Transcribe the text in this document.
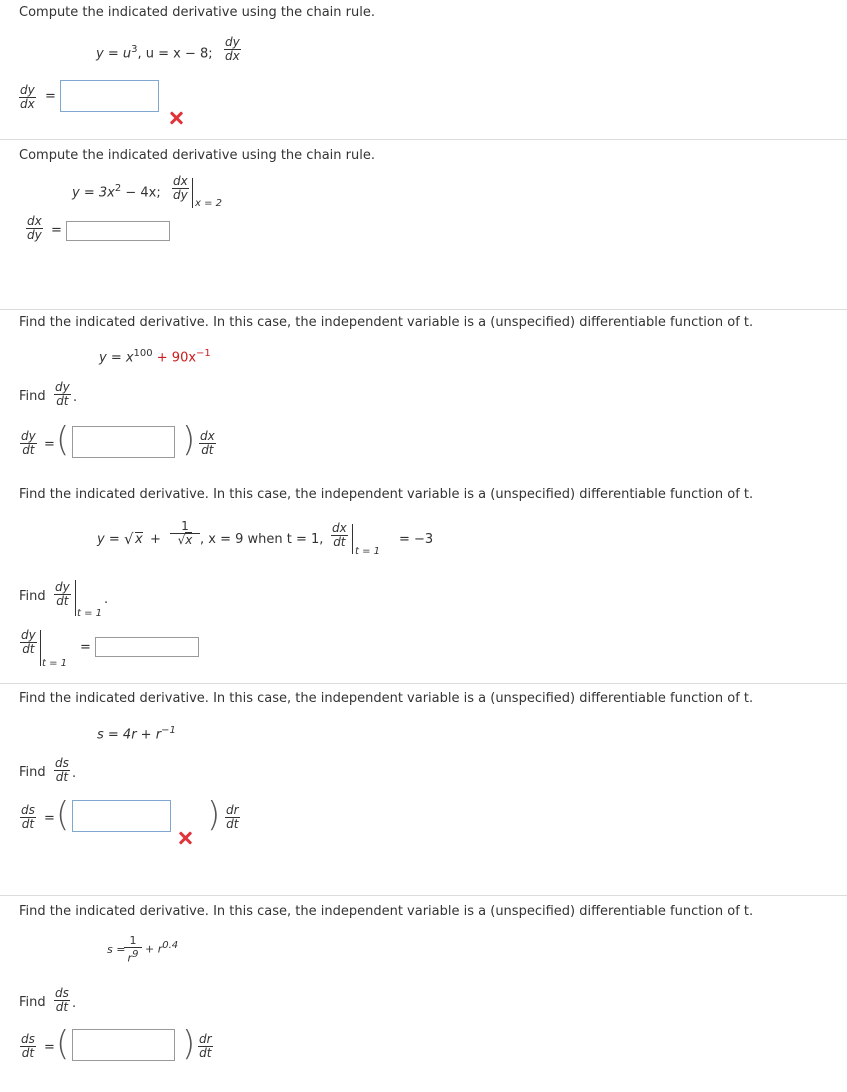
Compute the indicated derivative using the chain rule.
$y = u^3$, u = x − 8; $\frac{dy}{dx}$
$\frac{dy}{dx}$ =
Compute the indicated derivative using the chain rule.
$y = 3x^2 - 4x$; $\frac{dx}{dy}$
x = 2
$\frac{dx}{dy}$ =
Find the indicated derivative. In this case, the independent variable is a (unspecified) differentiable function of t.
$y = x^{100} + 90x^{-1}$
Find $\frac{dy}{dt}$ .
$\frac{dy}{dt}$ = (	) $\frac{dx}{dt}$
Find the indicated derivative. In this case, the independent variable is a (unspecified) differentiable function of t.
y = √ $x + \frac{1}{√x}$ , x = 9 when t = 1, $\frac{dx}{dt}$
t = 1
= −3
Find $\frac{dy}{dt}$
t = 1
.
$\frac{dy}{dt}$
t = 1
=
Find the indicated derivative. In this case, the independent variable is a (unspecified) differentiable function of t.
$s = 4r + r^{-1}$
Find $\frac{ds}{dt}$ .
$\frac{ds}{dt}$ = (	) $\frac{dr}{dt}$
Find the indicated derivative. In this case, the independent variable is a (unspecified) differentiable function of t.
s =
$\frac{1}{r9} + r0.4$
Find $\frac{ds}{dt}$ .
$\frac{ds}{dt}$ = (	) $\frac{dr}{dt}$
